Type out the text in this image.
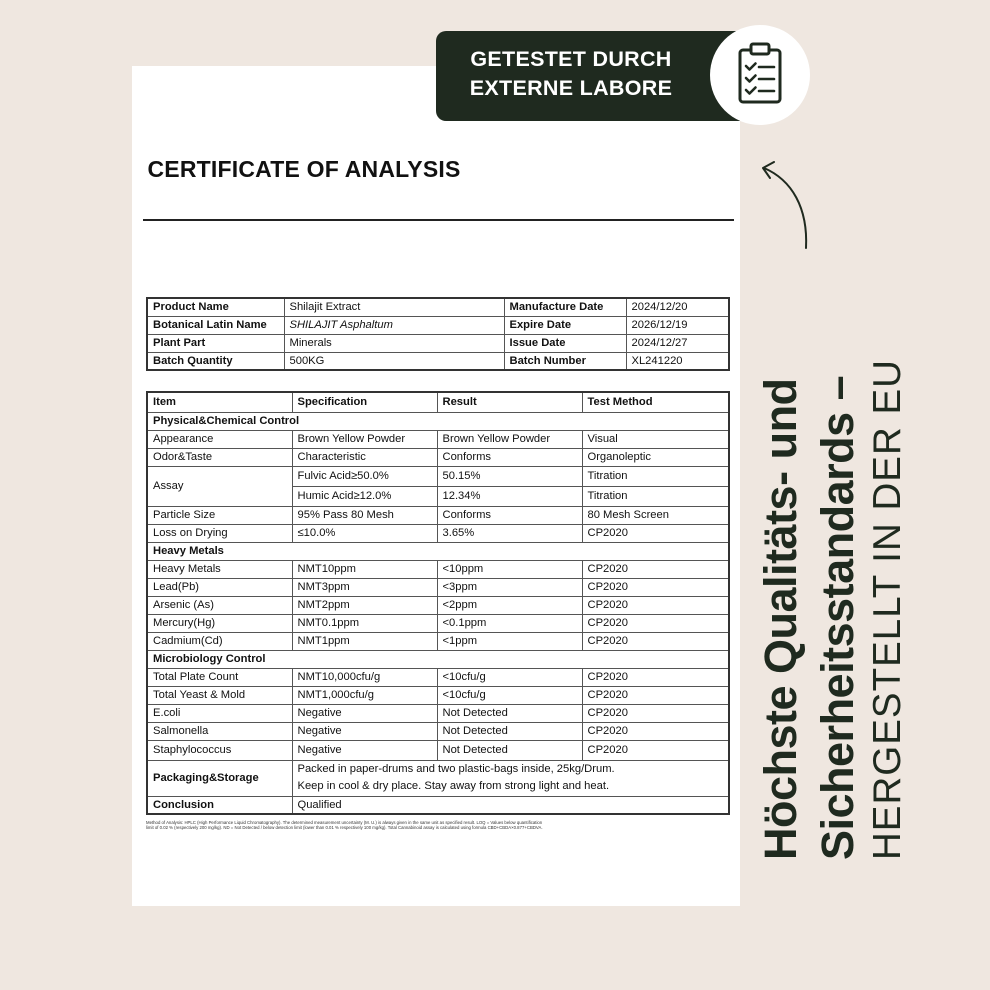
CERTIFICATE OF ANALYSIS
Product Name	Shilajit Extract	Manufacture Date	2024/12/20
Botanical Latin Name	SHILAJIT Asphaltum	Expire Date	2026/12/19
Plant Part	Minerals	Issue Date	2024/12/27
Batch Quantity	500KG	Batch Number	XL241220
Item	Specification	Result	Test Method
Physical&Chemical Control			
Appearance	Brown Yellow Powder	Brown Yellow Powder	Visual
Odor&Taste	Characteristic	Conforms	Organoleptic
Assay	Fulvic Acid≥50.0%	50.15%	Titration
	Humic Acid≥12.0%	12.34%	Titration
Particle Size	95% Pass 80 Mesh	Conforms	80 Mesh Screen
Loss on Drying	≤10.0%	3.65%	CP2020
Heavy Metals			
Heavy Metals	NMT10ppm	<10ppm	CP2020
Lead(Pb)	NMT3ppm	<3ppm	CP2020
Arsenic (As)	NMT2ppm	<2ppm	CP2020
Mercury(Hg)	NMT0.1ppm	<0.1ppm	CP2020
Cadmium(Cd)	NMT1ppm	<1ppm	CP2020
Microbiology Control			
Total Plate Count	NMT10,000cfu/g	<10cfu/g	CP2020
Total Yeast & Mold	NMT1,000cfu/g	<10cfu/g	CP2020
E.coli	Negative	Not Detected	CP2020
Salmonella	Negative	Not Detected	CP2020
Staphylococcus	Negative	Not Detected	CP2020
Packaging&Storage	Packed in paper-drums and two plastic-bags inside, 25kg/Drum.
Keep in cool & dry place. Stay away from strong light and heat.		

Conclusion	Qualified		
Method of Analysis: HPLC (High Performance Liquid Chromatography). The determined measurement uncertainty (M. U.) is always given in the same unit as specified result. LOQ = Values below quantification limit of 0.02 % (respectively 200 mg/kg). ND = Not Detected / below detection limit (lower than 0.01 % respectively 100 mg/kg). Total Cannabinoid assay is calculated using formula CBD+CBDA×0.877+CBDVA.
GETESTET DURCH
EXTERNE LABORE
Höchste Qualitäts- und Sicherheitsstandards – HERGESTELLT IN DER EU
